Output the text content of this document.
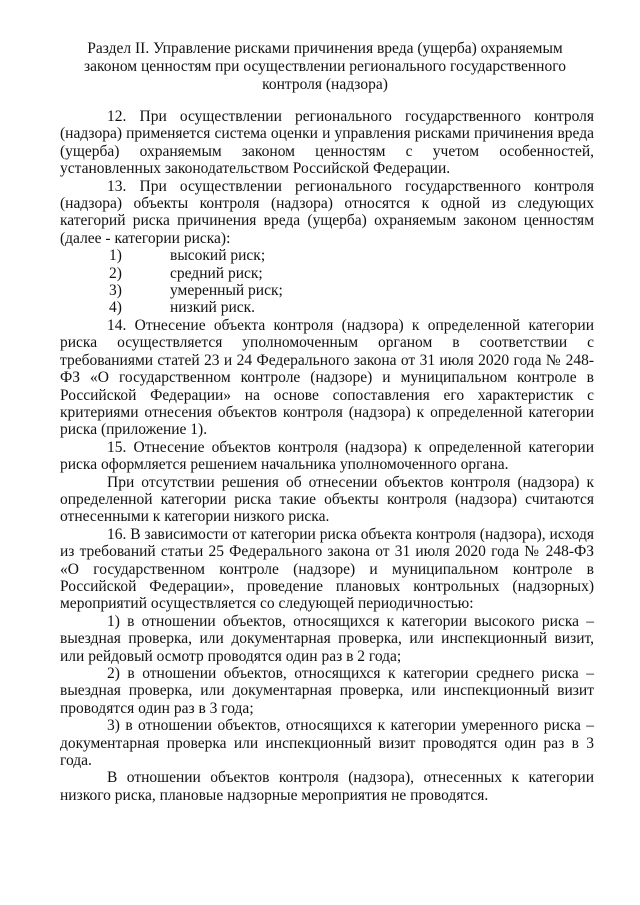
Раздел II. Управление рисками причинения вреда (ущерба) охраняемым
законом ценностям при осуществлении регионального государственного
контроля (надзора)

12. При осуществлении регионального государственного контроля (надзора) применяется система оценки и управления рисками причинения вреда (ущерба) охраняемым законом ценностям с учетом особенностей, установленных законодательством Российской Федерации.

13. При осуществлении регионального государственного контроля (надзора) объекты контроля (надзора) относятся к одной из следующих категорий риска причинения вреда (ущерба) охраняемым законом ценностям (далее - категории риска):

1)	высокий риск;
2)	средний риск;
3)	умеренный риск;
4)	низкий риск.

14. Отнесение объекта контроля (надзора) к определенной категории риска осуществляется уполномоченным органом в соответствии с требованиями статей 23 и 24 Федерального закона от 31 июля 2020 года № 248-ФЗ «О государственном контроле (надзоре) и муниципальном контроле в Российской Федерации» на основе сопоставления его характеристик с критериями отнесения объектов контроля (надзора) к определенной категории риска (приложение 1).

15. Отнесение объектов контроля (надзора) к определенной категории риска оформляется решением начальника уполномоченного органа.

При отсутствии решения об отнесении объектов контроля (надзора) к определенной категории риска такие объекты контроля (надзора) считаются отнесенными к категории низкого риска.

16. В зависимости от категории риска объекта контроля (надзора), исходя из требований статьи 25 Федерального закона от 31 июля 2020 года № 248-ФЗ «О государственном контроле (надзоре) и муниципальном контроле в Российской Федерации», проведение плановых контрольных (надзорных) мероприятий осуществляется со следующей периодичностью:

1) в отношении объектов, относящихся к категории высокого риска – выездная проверка, или документарная проверка, или инспекционный визит, или рейдовый осмотр проводятся один раз в 2 года;

2) в отношении объектов, относящихся к категории среднего риска – выездная проверка, или документарная проверка, или инспекционный визит проводятся один раз в 3 года;

3) в отношении объектов, относящихся к категории умеренного риска – документарная проверка или инспекционный визит проводятся один раз в 3 года.

В отношении объектов контроля (надзора), отнесенных к категории низкого риска, плановые надзорные мероприятия не проводятся.
